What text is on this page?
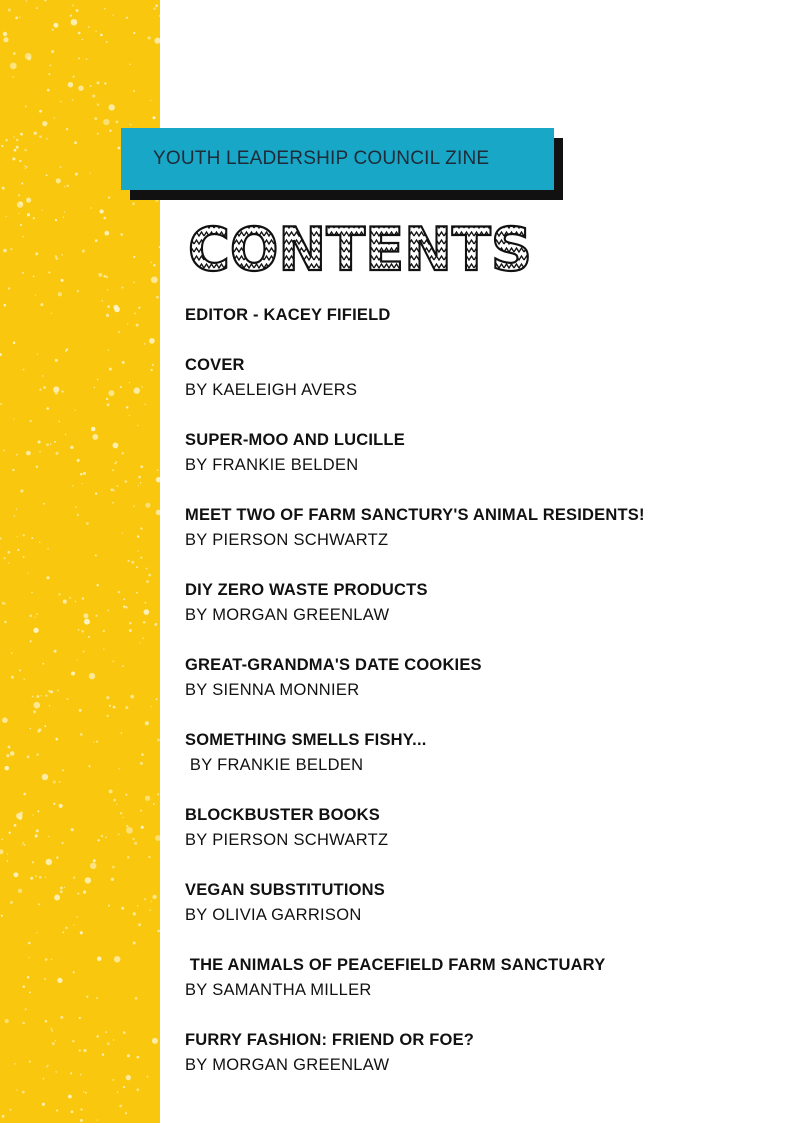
YOUTH LEADERSHIP COUNCIL ZINE
CONTENTS
EDITOR - KACEY FIFIELD
COVER
BY KAELEIGH AVERS
SUPER-MOO AND LUCILLE
BY FRANKIE BELDEN
MEET TWO OF FARM SANCTURY'S ANIMAL RESIDENTS!
BY PIERSON SCHWARTZ
DIY ZERO WASTE PRODUCTS
BY MORGAN GREENLAW
GREAT-GRANDMA'S DATE COOKIES
BY SIENNA MONNIER
SOMETHING SMELLS FISHY...
BY FRANKIE BELDEN
BLOCKBUSTER BOOKS
BY PIERSON SCHWARTZ
VEGAN SUBSTITUTIONS
BY OLIVIA GARRISON
THE ANIMALS OF PEACEFIELD FARM SANCTUARY
BY SAMANTHA MILLER
FURRY FASHION: FRIEND OR FOE?
BY MORGAN GREENLAW
